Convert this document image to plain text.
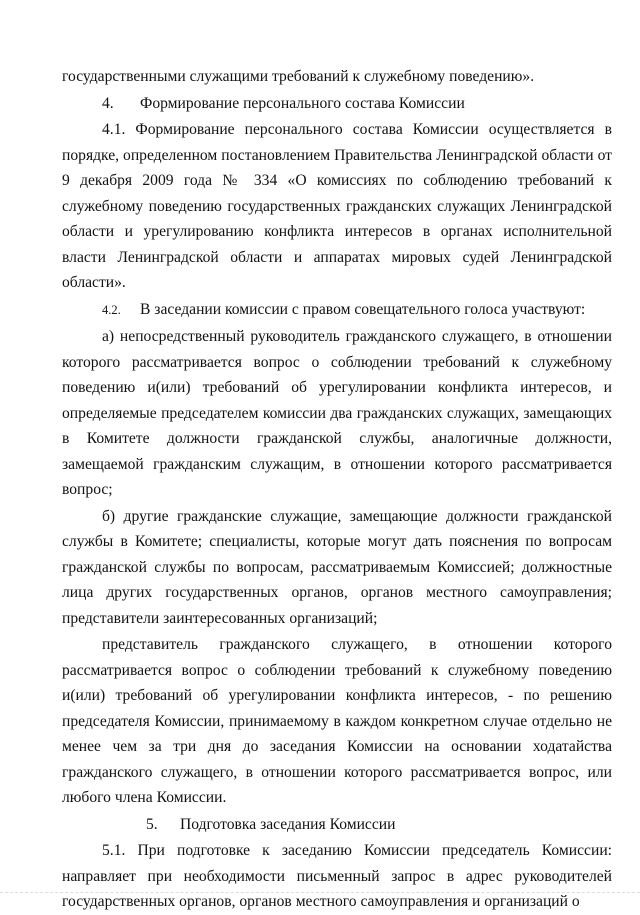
государственными служащими требований к служебному поведению».

4. Формирование персонального состава Комиссии

4.1. Формирование персонального состава Комиссии осуществляется в порядке, определенном постановлением Правительства Ленинградской области от 9 декабря 2009 года № 334 «О комиссиях по соблюдению требований к служебному поведению государственных гражданских служащих Ленинградской области и урегулированию конфликта интересов в органах исполнительной власти Ленинградской области и аппаратах мировых судей Ленинградской области».

4.2. В заседании комиссии с правом совещательного голоса участвуют:

а) непосредственный руководитель гражданского служащего, в отношении которого рассматривается вопрос о соблюдении требований к служебному поведению и(или) требований об урегулировании конфликта интересов, и определяемые председателем комиссии два гражданских служащих, замещающих в Комитете должности гражданской службы, аналогичные должности, замещаемой гражданским служащим, в отношении которого рассматривается вопрос;

б) другие гражданские служащие, замещающие должности гражданской службы в Комитете; специалисты, которые могут дать пояснения по вопросам гражданской службы по вопросам, рассматриваемым Комиссией; должностные лица других государственных органов, органов местного самоуправления; представители заинтересованных организаций;

представитель гражданского служащего, в отношении которого рассматривается вопрос о соблюдении требований к служебному поведению и(или) требований об урегулировании конфликта интересов, - по решению председателя Комиссии, принимаемому в каждом конкретном случае отдельно не менее чем за три дня до заседания Комиссии на основании ходатайства гражданского служащего, в отношении которого рассматривается вопрос, или любого члена Комиссии.

5. Подготовка заседания Комиссии

5.1. При подготовке к заседанию Комиссии председатель Комиссии: направляет при необходимости письменный запрос в адрес руководителей государственных органов, органов местного самоуправления и организаций о
